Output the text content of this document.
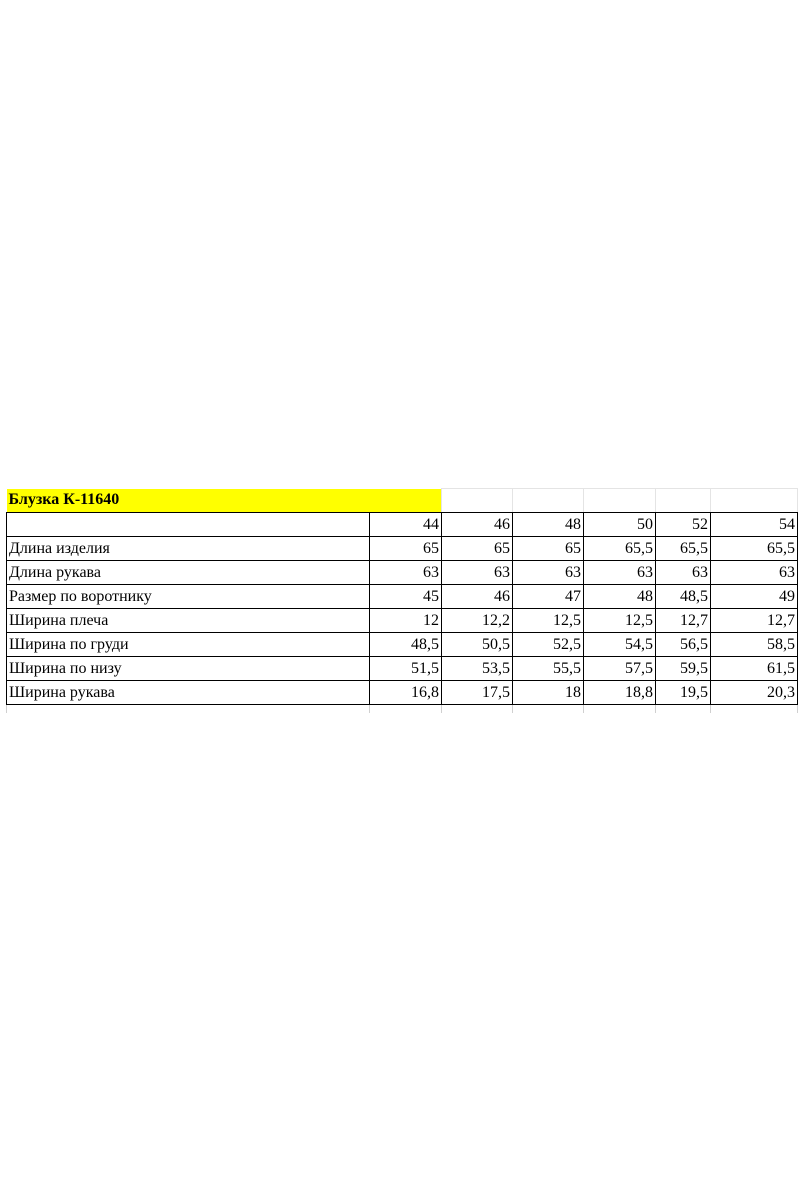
Блузка К-11640						
	44	46	48	50	52	54
Длина изделия	65	65	65	65,5	65,5	65,5
Длина рукава	63	63	63	63	63	63
Размер по воротнику	45	46	47	48	48,5	49
Ширина плеча	12	12,2	12,5	12,5	12,7	12,7
Ширина по груди	48,5	50,5	52,5	54,5	56,5	58,5
Ширина по низу	51,5	53,5	55,5	57,5	59,5	61,5
Ширина рукава	16,8	17,5	18	18,8	19,5	20,3
